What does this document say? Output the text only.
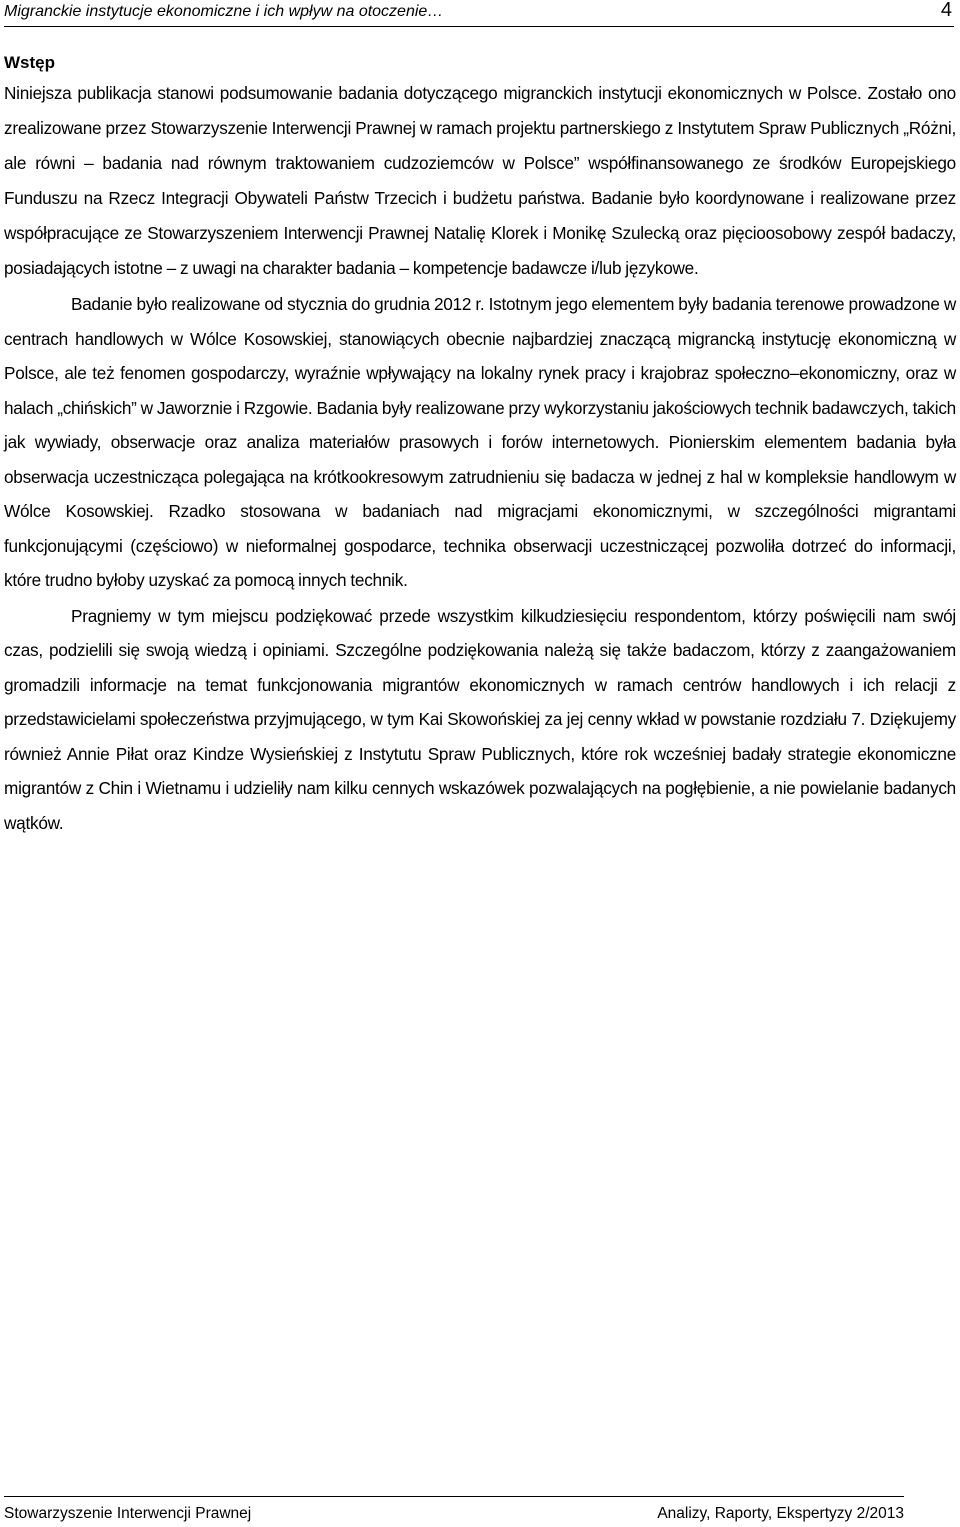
Migranckie instytucje ekonomiczne i ich wpływ na otoczenie…	4
Wstęp

Niniejsza publikacja stanowi podsumowanie badania dotyczącego migranckich instytucji ekonomicznych w Polsce. Zostało ono zrealizowane przez Stowarzyszenie Interwencji Prawnej w ramach projektu partnerskiego z Instytutem Spraw Publicznych „Różni, ale równi – badania nad równym traktowaniem cudzoziemców w Polsce” współfinansowanego ze środków Europejskiego Funduszu na Rzecz Integracji Obywateli Państw Trzecich i budżetu państwa. Badanie było koordynowane i realizowane przez współpracujące ze Stowarzyszeniem Interwencji Prawnej Natalię Klorek i Monikę Szulecką oraz pięcioosobowy zespół badaczy, posiadających istotne – z uwagi na charakter badania – kompetencje badawcze i/lub językowe.

Badanie było realizowane od stycznia do grudnia 2012 r. Istotnym jego elementem były badania terenowe prowadzone w centrach handlowych w Wólce Kosowskiej, stanowiących obecnie najbardziej znaczącą migrancką instytucję ekonomiczną w Polsce, ale też fenomen gospodarczy, wyraźnie wpływający na lokalny rynek pracy i krajobraz społeczno–ekonomiczny, oraz w halach „chińskich” w Jaworznie i Rzgowie. Badania były realizowane przy wykorzystaniu jakościowych technik badawczych, takich jak wywiady, obserwacje oraz analiza materiałów prasowych i forów internetowych. Pionierskim elementem badania była obserwacja uczestnicząca polegająca na krótkookresowym zatrudnieniu się badacza w jednej z hal w kompleksie handlowym w Wólce Kosowskiej. Rzadko stosowana w badaniach nad migracjami ekonomicznymi, w szczególności migrantami funkcjonującymi (częściowo) w nieformalnej gospodarce, technika obserwacji uczestniczącej pozwoliła dotrzeć do informacji, które trudno byłoby uzyskać za pomocą innych technik.

Pragniemy w tym miejscu podziękować przede wszystkim kilkudziesięciu respondentom, którzy poświęcili nam swój czas, podzielili się swoją wiedzą i opiniami. Szczególne podziękowania należą się także badaczom, którzy z zaangażowaniem gromadzili informacje na temat funkcjonowania migrantów ekonomicznych w ramach centrów handlowych i ich relacji z przedstawicielami społeczeństwa przyjmującego, w tym Kai Skowońskiej za jej cenny wkład w powstanie rozdziału 7. Dziękujemy również Annie Piłat oraz Kindze Wysieńskiej z Instytutu Spraw Publicznych, które rok wcześniej badały strategie ekonomiczne migrantów z Chin i Wietnamu i udzieliły nam kilku cennych wskazówek pozwalających na pogłębienie, a nie powielanie badanych wątków.

Stowarzyszenie Interwencji Prawnej	Analizy, Raporty, Ekspertyzy 2/2013
